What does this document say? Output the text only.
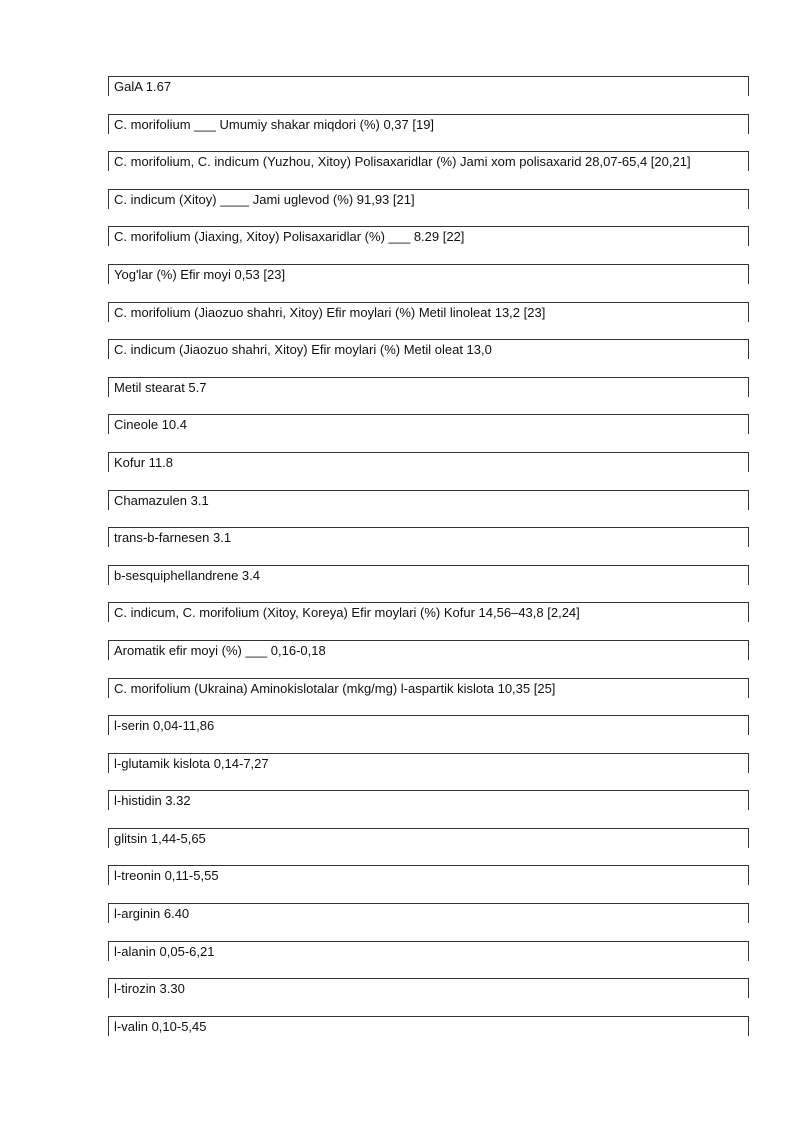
GalA 1.67
C. morifolium ___ Umumiy shakar miqdori (%) 0,37 [19]
C. morifolium, C. indicum (Yuzhou, Xitoy) Polisaxaridlar (%) Jami xom polisaxarid 28,07-65,4 [20,21]
C. indicum (Xitoy) ____ Jami uglevod (%) 91,93 [21]
C. morifolium (Jiaxing, Xitoy) Polisaxaridlar (%) ___ 8.29 [22]
Yog'lar (%) Efir moyi 0,53 [23]
C. morifolium (Jiaozuo shahri, Xitoy) Efir moylari (%) Metil linoleat 13,2 [23]
C. indicum (Jiaozuo shahri, Xitoy) Efir moylari (%) Metil oleat 13,0
Metil stearat 5.7
Cineole 10.4
Kofur 11.8
Chamazulen 3.1
trans-b-farnesen 3.1
b-sesquiphellandrene 3.4
C. indicum, C. morifolium (Xitoy, Koreya) Efir moylari (%) Kofur 14,56–43,8 [2,24]
Aromatik efir moyi (%) ___ 0,16-0,18
C. morifolium (Ukraina) Aminokislotalar (mkg/mg) l-aspartik kislota 10,35 [25]
l-serin 0,04-11,86
l-glutamik kislota 0,14-7,27
l-histidin 3.32
glitsin 1,44-5,65
l-treonin 0,11-5,55
l-arginin 6.40
l-alanin 0,05-6,21
l-tirozin 3.30
l-valin 0,10-5,45
